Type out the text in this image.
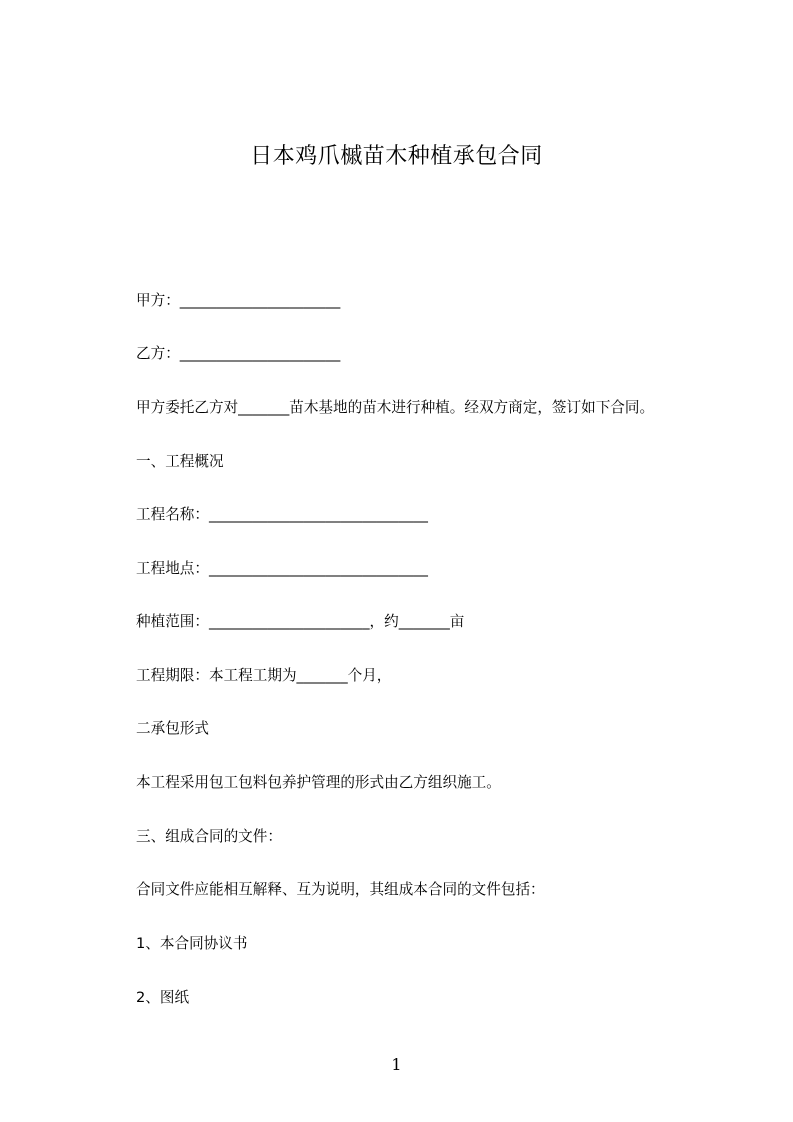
日本鸡爪槭苗木种植承包合同
甲方：______________________
乙方：______________________
甲方委托乙方对_______苗木基地的苗木进行种植。经双方商定，签订如下合同。
一、工程概况
工程名称：______________________________
工程地点：______________________________
种植范围：______________________，约_______亩
工程期限：本工程工期为_______个月，
二承包形式
本工程采用包工包料包养护管理的形式由乙方组织施工。
三、组成合同的文件：
合同文件应能相互解释、互为说明，其组成本合同的文件包括：
1、本合同协议书
2、图纸
1
